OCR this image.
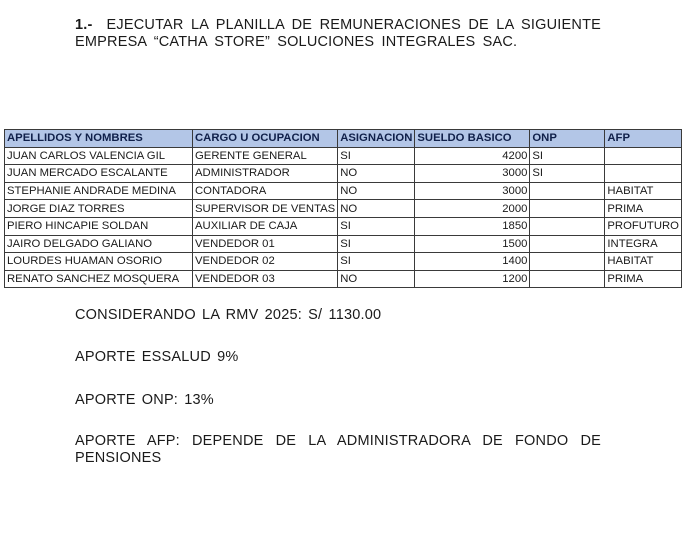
1.- EJECUTAR LA PLANILLA DE REMUNERACIONES DE LA SIGUIENTE EMPRESA “CATHA STORE” SOLUCIONES INTEGRALES SAC.
APELLIDOS Y NOMBRES	CARGO U OCUPACION	ASIGNACION	SUELDO BASICO	ONP	AFP
JUAN CARLOS VALENCIA GIL	GERENTE GENERAL	SI	4200	SI	
JUAN MERCADO ESCALANTE	ADMINISTRADOR	NO	3000	SI	
STEPHANIE ANDRADE MEDINA	CONTADORA	NO	3000		HABITAT
JORGE DIAZ TORRES	SUPERVISOR DE VENTAS	NO	2000		PRIMA
PIERO HINCAPIE SOLDAN	AUXILIAR DE CAJA	SI	1850		PROFUTURO
JAIRO DELGADO GALIANO	VENDEDOR 01	SI	1500		INTEGRA
LOURDES HUAMAN OSORIO	VENDEDOR 02	SI	1400		HABITAT
RENATO SANCHEZ MOSQUERA	VENDEDOR 03	NO	1200		PRIMA
CONSIDERANDO LA RMV 2025: S/ 1130.00
APORTE ESSALUD 9%
APORTE ONP: 13%
APORTE AFP: DEPENDE DE LA ADMINISTRADORA DE FONDO DE PENSIONES
